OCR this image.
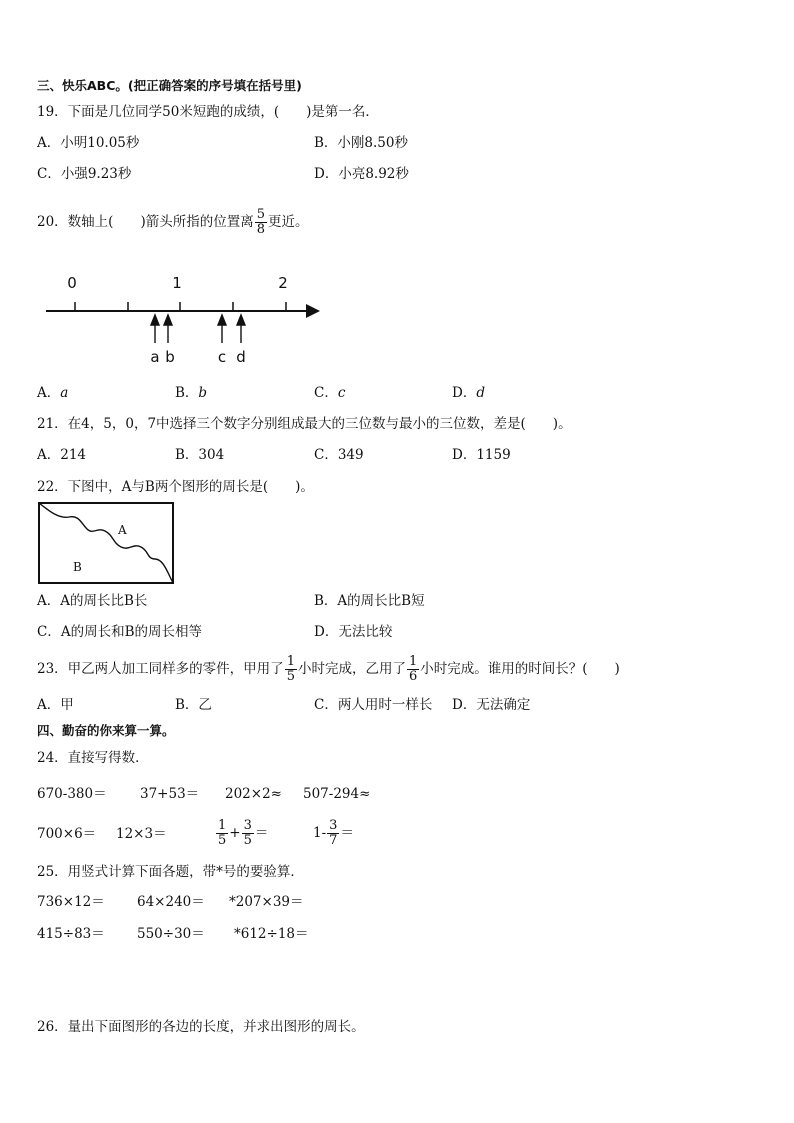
三、快乐ABC。(把正确答案的序号填在括号里)
19．下面是几位同学50米短跑的成绩，(　　)是第一名．
A．小明10.05秒	B．小刚8.50秒
C．小强9.23秒	D．小亮8.92秒
20．数轴上(　　)箭头所指的位置离 $\frac{5}{8}$ 更近。
0	1	2
a b	c d
A．a	B．b	C．c	D．d
21．在4，5，0，7中选择三个数字分别组成最大的三位数与最小的三位数，差是(　　)。
A．214	B．304	C．349	D．1159
22．下图中，A与B两个图形的周长是(　　)。
A
B
A．A的周长比B长	B．A的周长比B短
C．A的周长和B的周长相等	D．无法比较
23．甲乙两人加工同样多的零件，甲用了 $\frac{1}{5}$ 小时完成，乙用了 $\frac{1}{6}$ 小时完成。谁用的时间长？(　　)
A．甲	B．乙	C．两人用时一样长 D．无法确定
四、勤奋的你来算一算。
24．直接写得数．
670-380＝ 37+53＝ 202×2≈ 507-294≈
700×6＝ 12×3＝	$\frac{1}{5} + \frac{3}{5}$ ＝	$1- \frac{3}{7}$ ＝
25．用竖式计算下面各题，带*号的要验算．
736×12＝ 64×240＝ *207×39＝
415÷83＝ 550÷30＝ *612÷18＝
26．量出下面图形的各边的长度，并求出图形的周长。
